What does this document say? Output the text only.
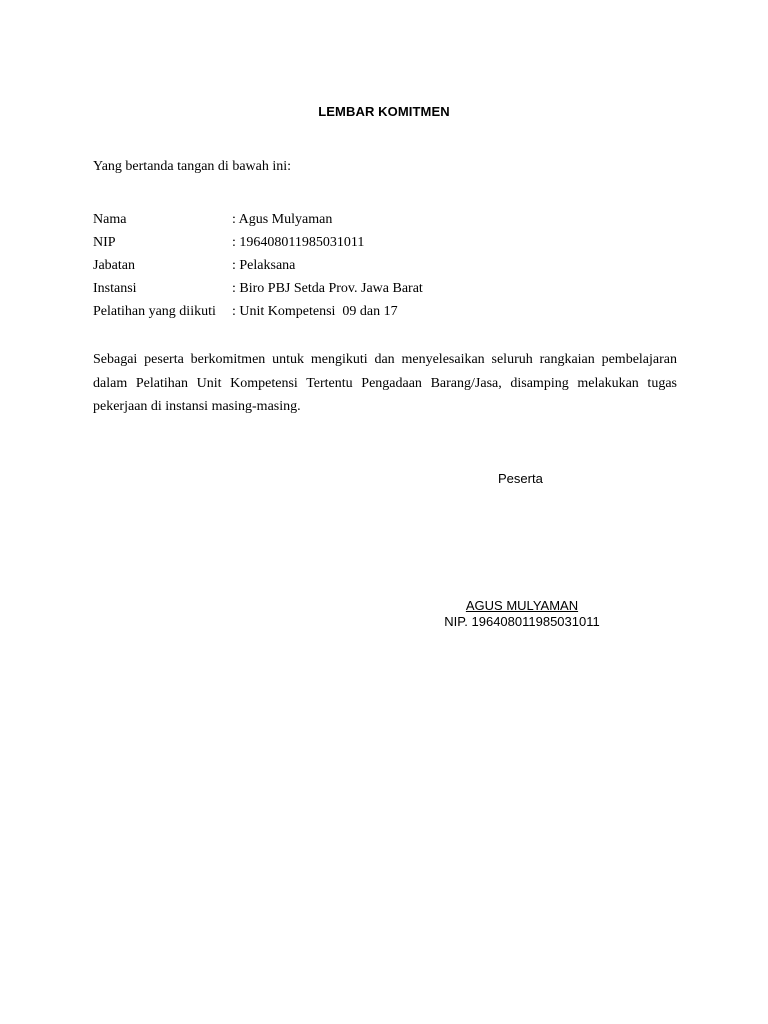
LEMBAR KOMITMEN
Yang bertanda tangan di bawah ini:
Nama	: Agus Mulyaman
NIP	: 196408011985031011
Jabatan	: Pelaksana
Instansi	: Biro PBJ Setda Prov. Jawa Barat
Pelatihan yang diikuti	: Unit Kompetensi  09 dan 17
Sebagai peserta berkomitmen untuk mengikuti dan menyelesaikan seluruh rangkaian pembelajaran dalam Pelatihan Unit Kompetensi Tertentu Pengadaan Barang/Jasa, disamping melakukan tugas pekerjaan di instansi masing-masing.
Peserta
AGUS MULYAMAN
NIP. 196408011985031011
